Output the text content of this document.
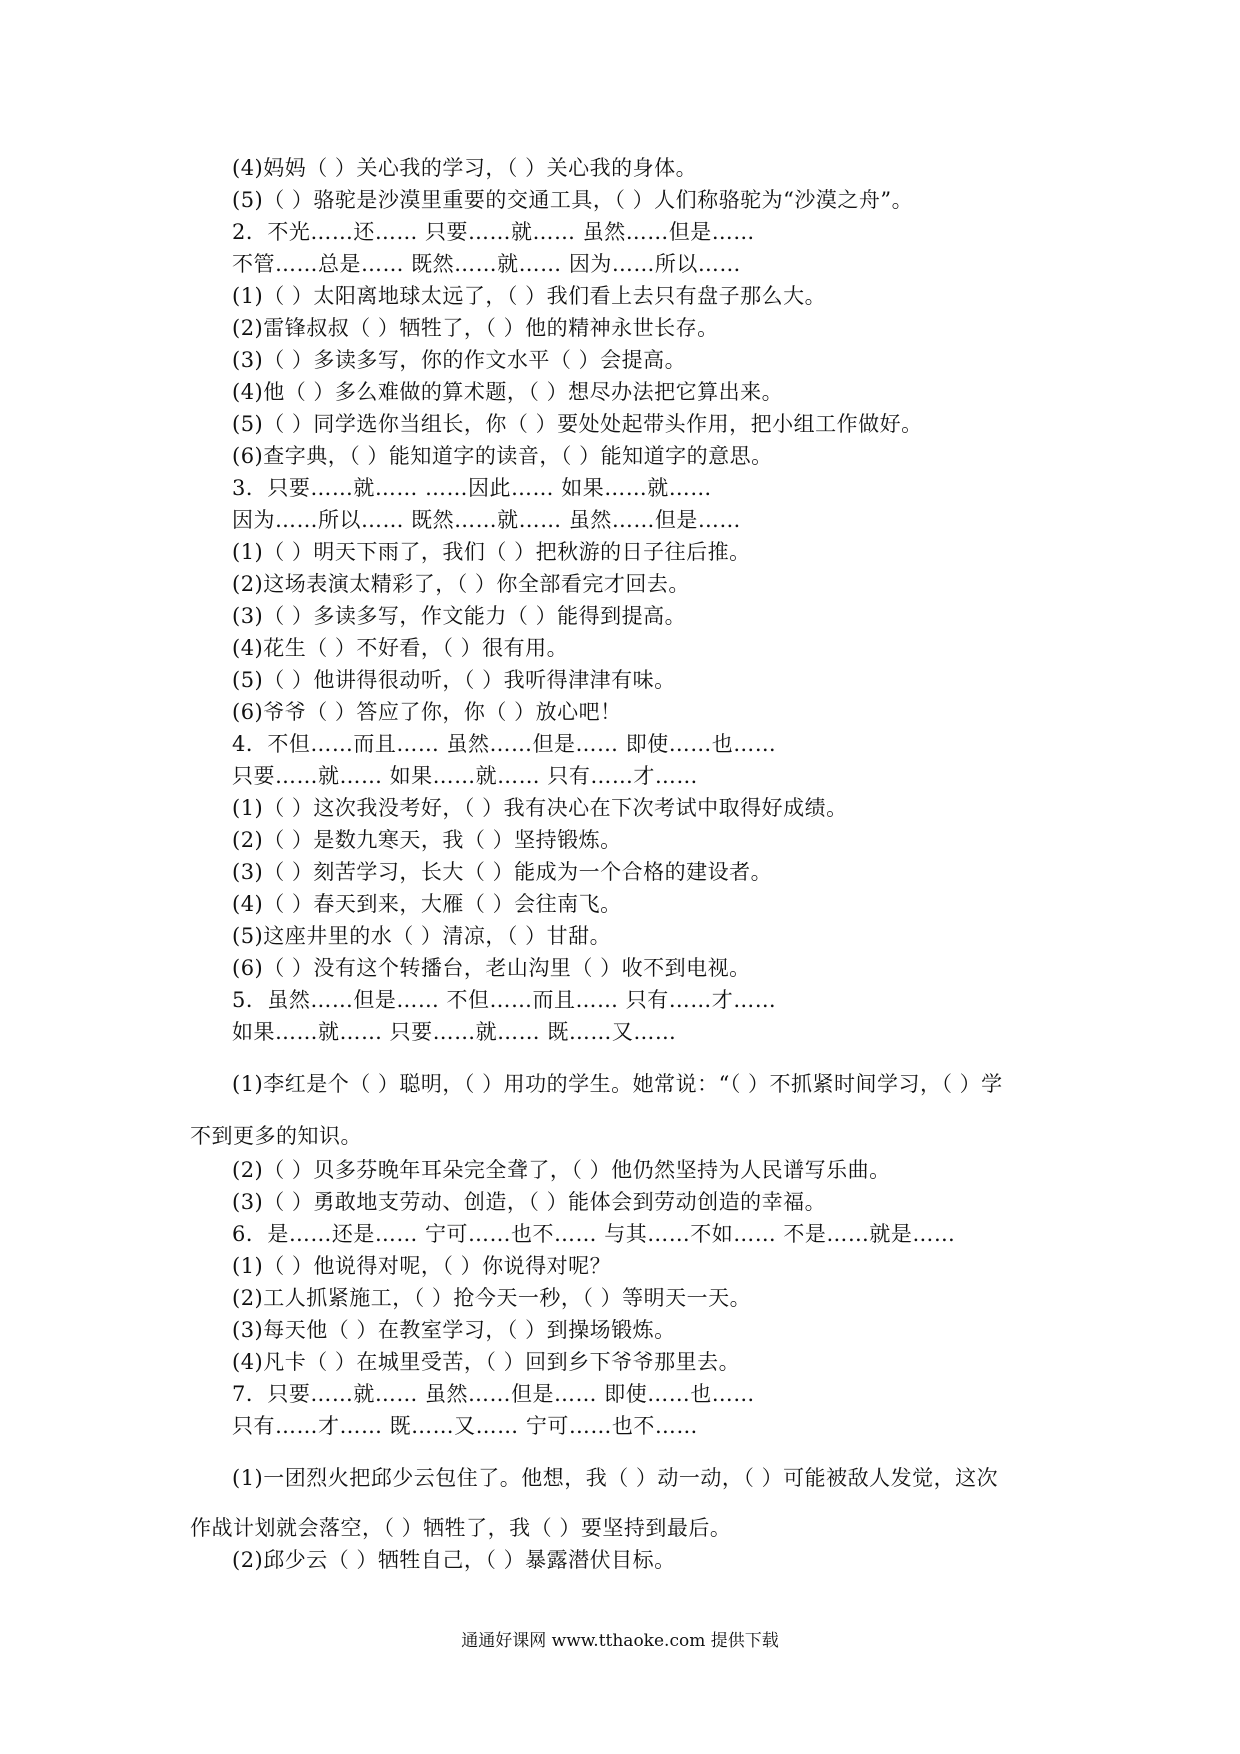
(4)妈妈（ ）关心我的学习，（ ）关心我的身体。
(5)（ ）骆驼是沙漠里重要的交通工具，（ ）人们称骆驼为“沙漠之舟”。
2．不光……还…… 只要……就…… 虽然……但是……
不管……总是…… 既然……就…… 因为……所以……
(1)（ ）太阳离地球太远了，（ ）我们看上去只有盘子那么大。
(2)雷锋叔叔（ ）牺牲了，（ ）他的精神永世长存。
(3)（ ）多读多写，你的作文水平（ ）会提高。
(4)他（ ）多么难做的算术题，（ ）想尽办法把它算出来。
(5)（ ）同学选你当组长，你（ ）要处处起带头作用，把小组工作做好。
(6)查字典，（ ）能知道字的读音，（ ）能知道字的意思。
3．只要……就…… ……因此…… 如果……就……
因为……所以…… 既然……就…… 虽然……但是……
(1)（ ）明天下雨了，我们（ ）把秋游的日子往后推。
(2)这场表演太精彩了，（ ）你全部看完才回去。
(3)（ ）多读多写，作文能力（ ）能得到提高。
(4)花生（ ）不好看，（ ）很有用。
(5)（ ）他讲得很动听，（ ）我听得津津有味。
(6)爷爷（ ）答应了你，你（ ）放心吧！
4．不但……而且…… 虽然……但是…… 即使……也……
只要……就…… 如果……就…… 只有……才……
(1)（ ）这次我没考好，（ ）我有决心在下次考试中取得好成绩。
(2)（ ）是数九寒天，我（ ）坚持锻炼。
(3)（ ）刻苦学习，长大（ ）能成为一个合格的建设者。
(4)（ ）春天到来，大雁（ ）会往南飞。
(5)这座井里的水（ ）清凉，（ ）甘甜。
(6)（ ）没有这个转播台，老山沟里（ ）收不到电视。
5．虽然……但是…… 不但……而且…… 只有……才……
如果……就…… 只要……就…… 既……又……
(1)李红是个（ ）聪明，（ ）用功的学生。她常说：“（ ）不抓紧时间学习，（ ）学
不到更多的知识。
(2)（ ）贝多芬晚年耳朵完全聋了，（ ）他仍然坚持为人民谱写乐曲。
(3)（ ）勇敢地支劳动、创造，（ ）能体会到劳动创造的幸福。
6．是……还是…… 宁可……也不…… 与其……不如…… 不是……就是……
(1)（ ）他说得对呢，（ ）你说得对呢？
(2)工人抓紧施工，（ ）抢今天一秒，（ ）等明天一天。
(3)每天他（ ）在教室学习，（ ）到操场锻炼。
(4)凡卡（ ）在城里受苦，（ ）回到乡下爷爷那里去。
7．只要……就…… 虽然……但是…… 即使……也……
只有……才…… 既……又…… 宁可……也不……
(1)一团烈火把邱少云包住了。他想，我（ ）动一动，（ ）可能被敌人发觉，这次
作战计划就会落空，（ ）牺牲了，我（ ）要坚持到最后。
(2)邱少云（ ）牺牲自己，（ ）暴露潜伏目标。
通通好课网 www.tthaoke.com 提供下载
